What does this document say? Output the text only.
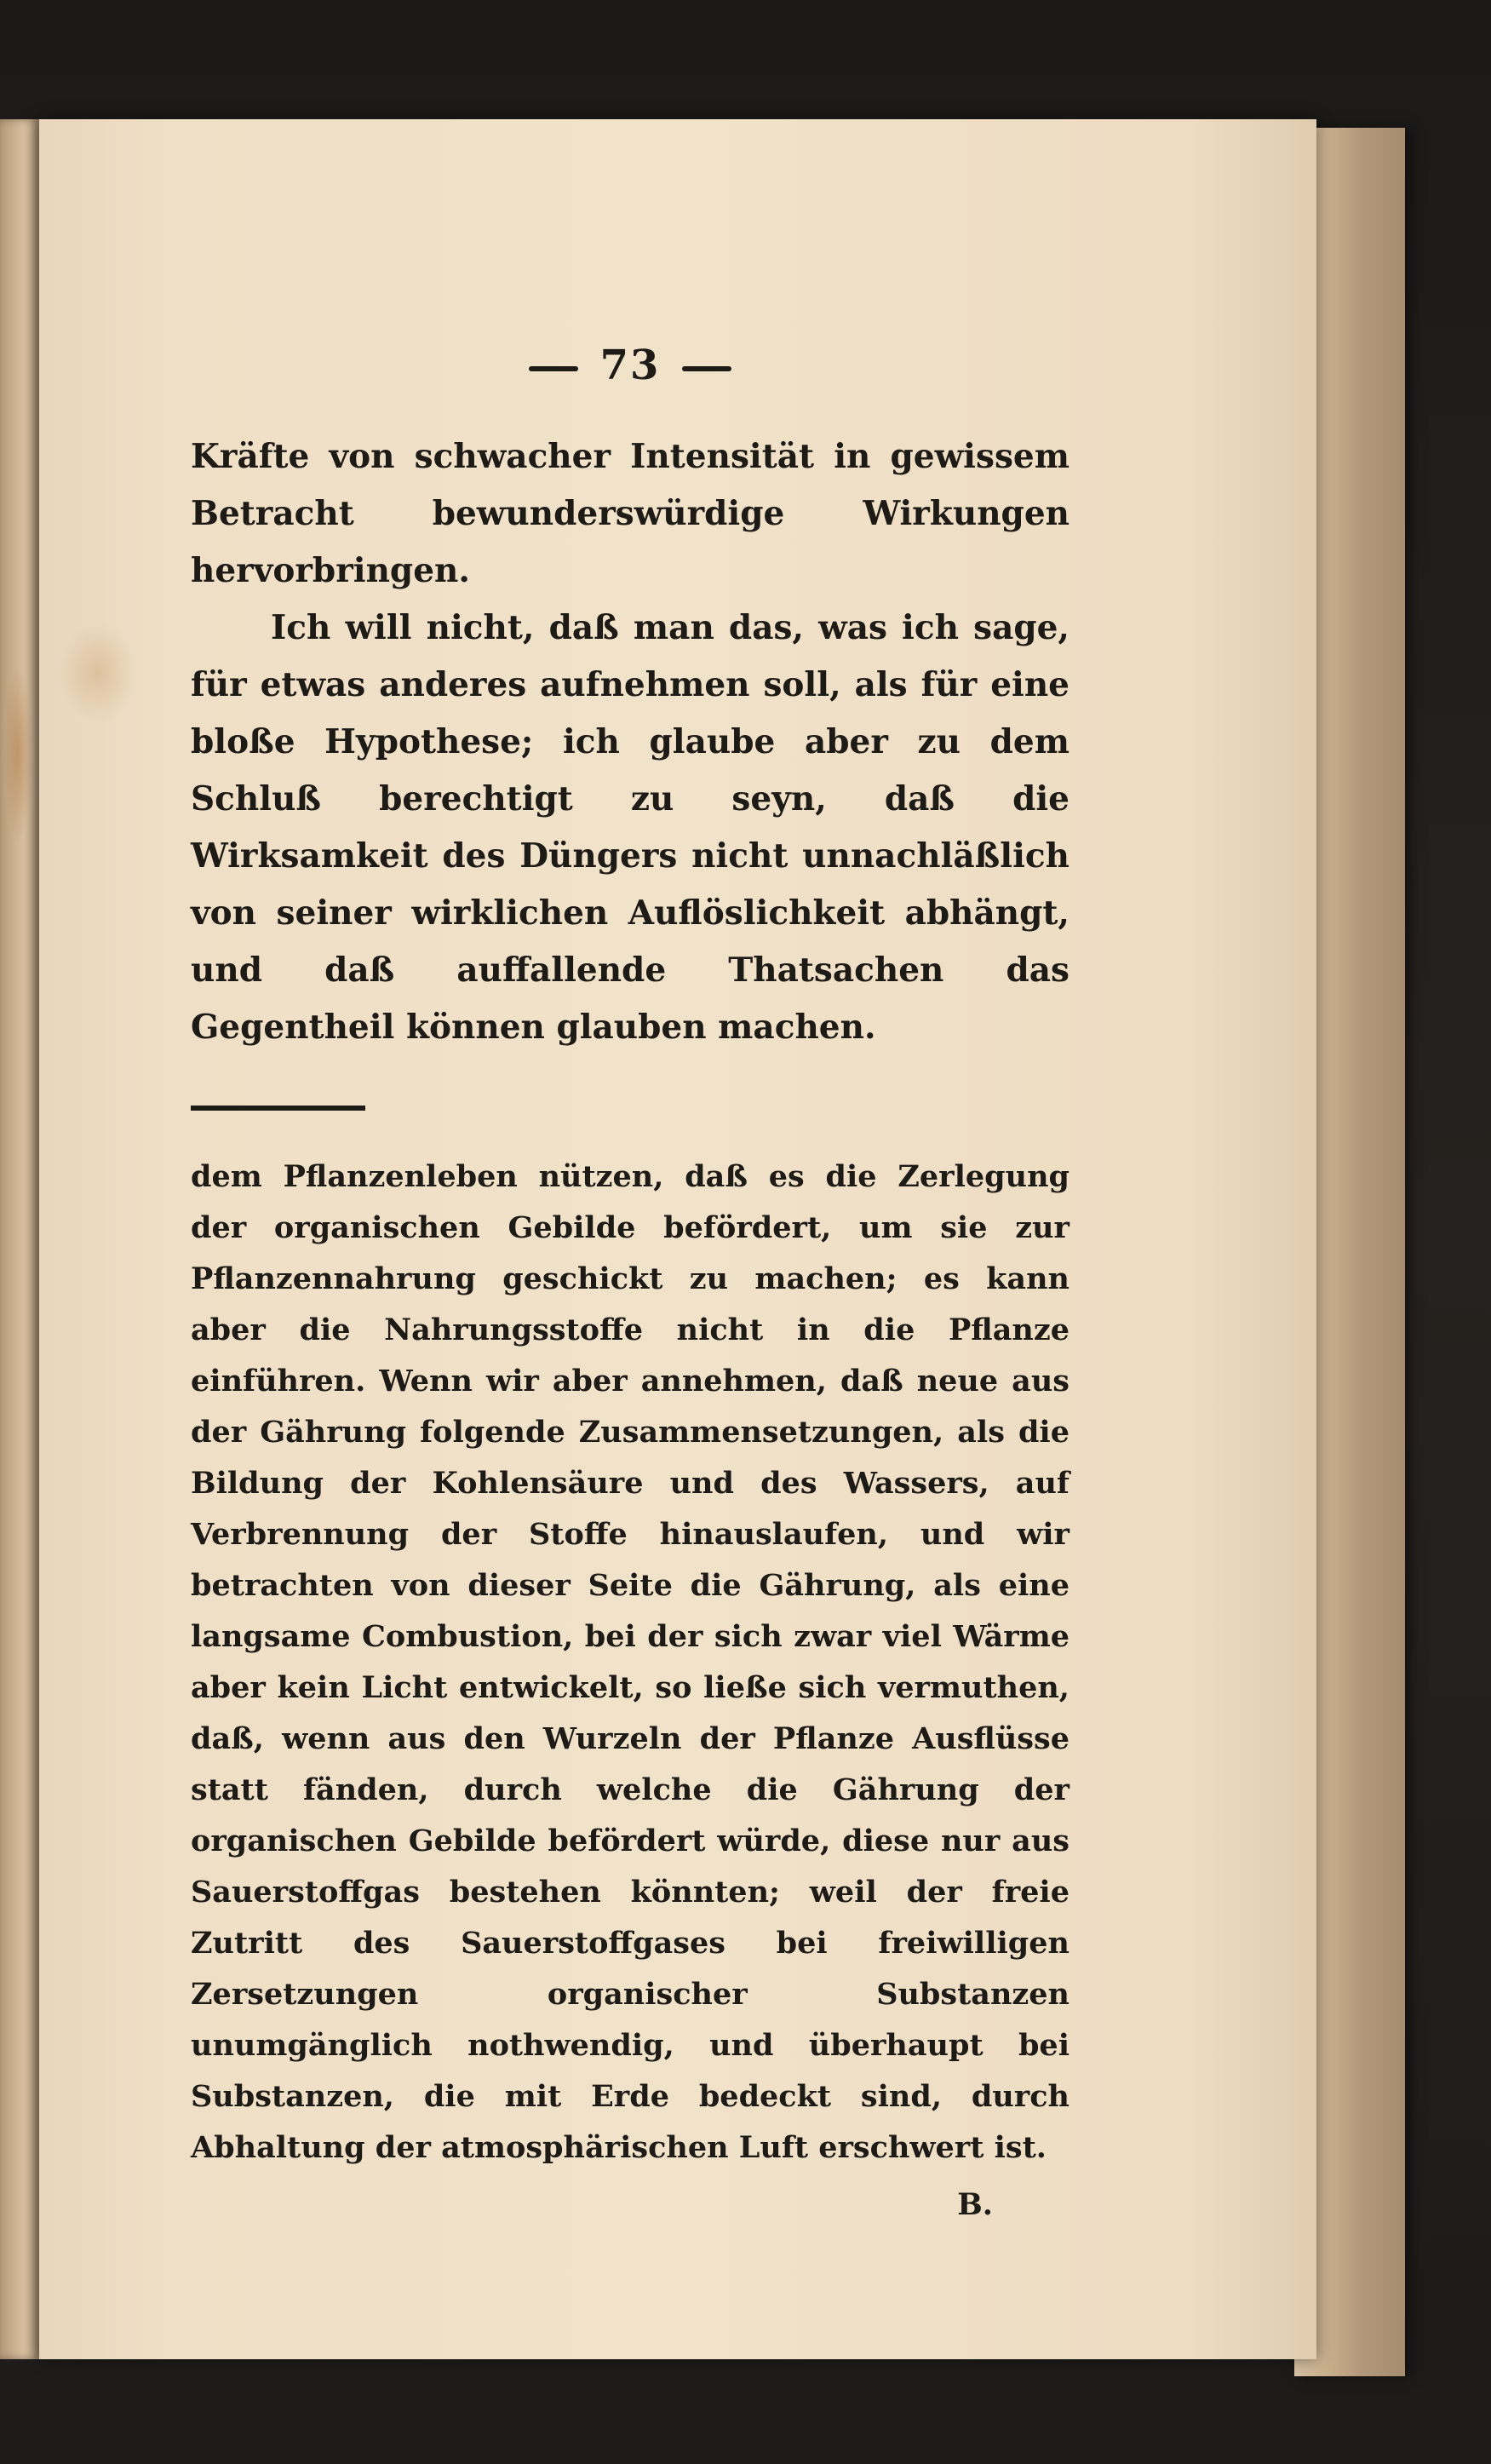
73

Kräfte von schwacher Intensität in gewissem Betracht bewunderswürdige Wirkungen hervorbringen.

Ich will nicht, daß man das, was ich sage, für etwas anderes aufnehmen soll, als für eine bloße Hypothese; ich glaube aber zu dem Schluß berechtigt zu seyn, daß die Wirksamkeit des Düngers nicht unnachläßlich von seiner wirklichen Auflöslichkeit abhängt, und daß auffallende Thatsachen das Gegentheil können glauben machen.

dem Pflanzenleben nützen, daß es die Zerlegung der organischen Gebilde befördert, um sie zur Pflanzennahrung geschickt zu machen; es kann aber die Nahrungsstoffe nicht in die Pflanze einführen. Wenn wir aber annehmen, daß neue aus der Gährung folgende Zusammensetzungen, als die Bildung der Kohlensäure und des Wassers, auf Verbrennung der Stoffe hinauslaufen, und wir betrachten von dieser Seite die Gährung, als eine langsame Combustion, bei der sich zwar viel Wärme aber kein Licht entwickelt, so ließe sich vermuthen, daß, wenn aus den Wurzeln der Pflanze Ausflüsse statt fänden, durch welche die Gährung der organischen Gebilde befördert würde, diese nur aus Sauerstoffgas bestehen könnten; weil der freie Zutritt des Sauerstoffgases bei freiwilligen Zersetzungen organischer Substanzen unumgänglich nothwendig, und überhaupt bei Substanzen, die mit Erde bedeckt sind, durch Abhaltung der atmosphärischen Luft erschwert ist.

B.
